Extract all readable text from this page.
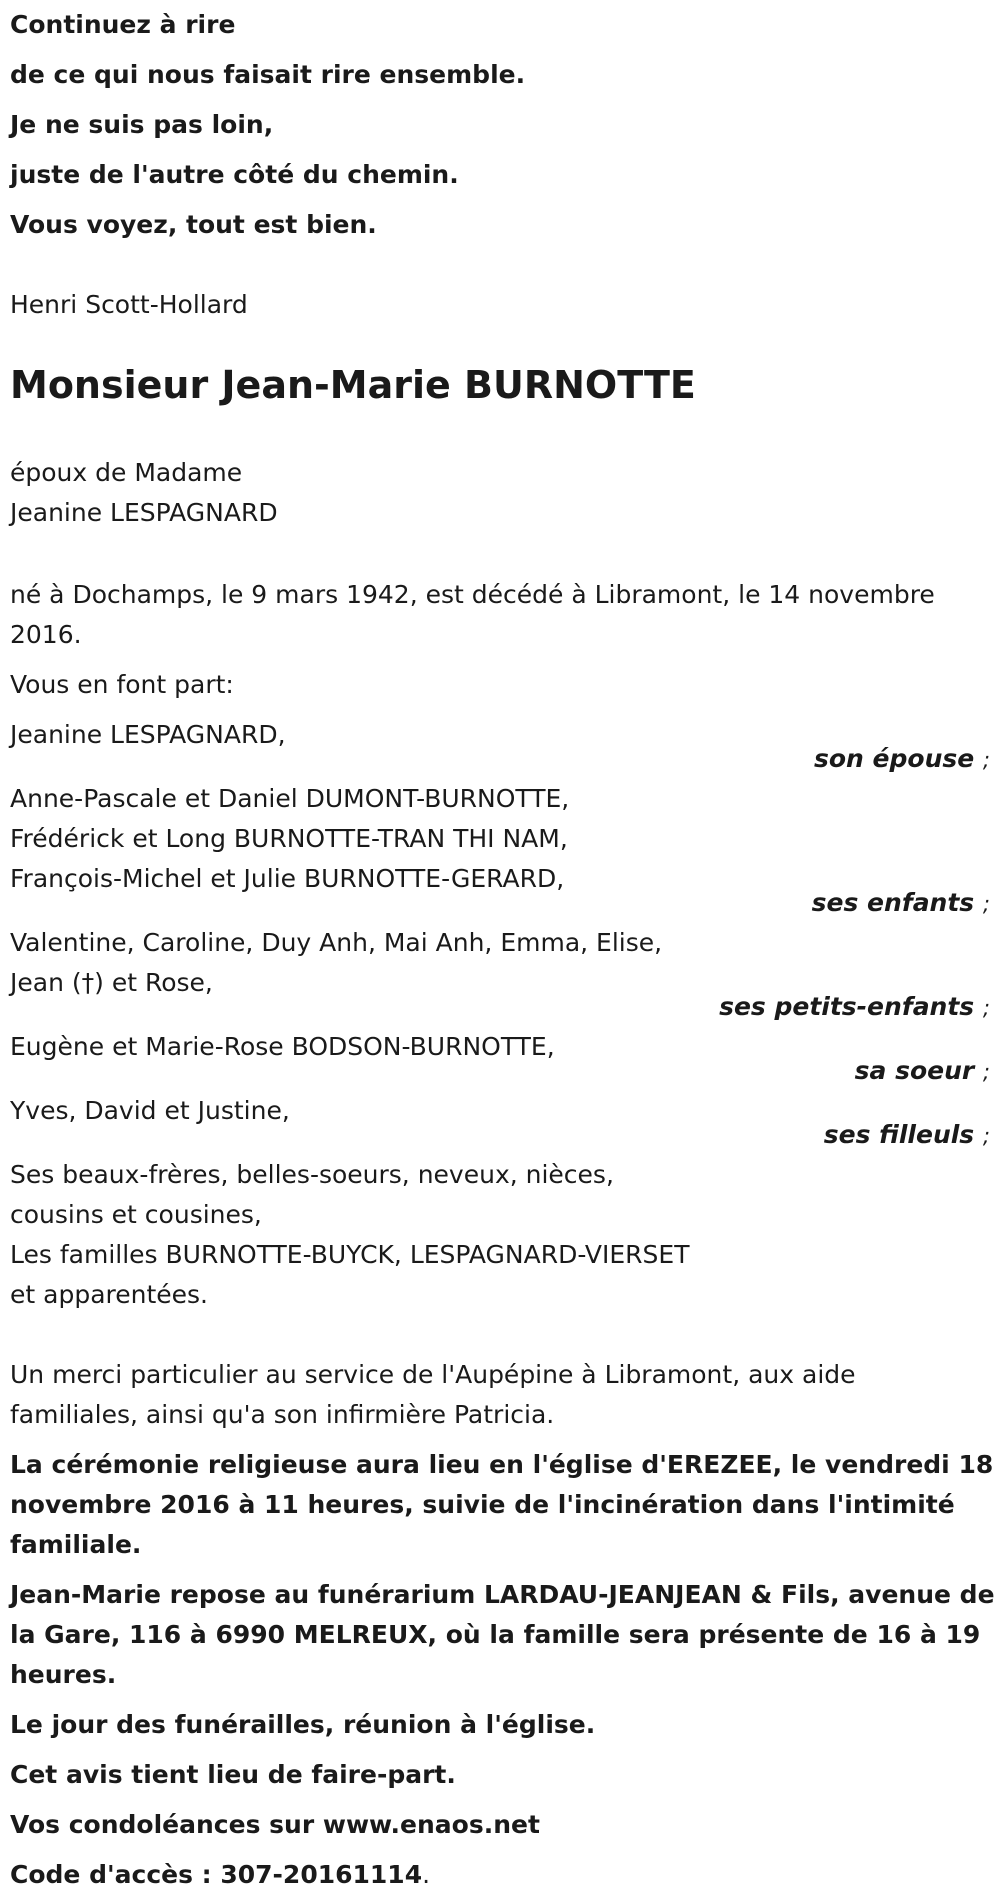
Continuez à rire
de ce qui nous faisait rire ensemble.
Je ne suis pas loin,
juste de l'autre côté du chemin.
Vous voyez, tout est bien.
Henri Scott-Hollard
Monsieur Jean-Marie BURNOTTE
époux de Madame
Jeanine LESPAGNARD
né à Dochamps, le 9 mars 1942, est décédé à Libramont, le 14 novembre
2016.
Vous en font part:
Jeanine LESPAGNARD,
son épouse ;
Anne-Pascale et Daniel DUMONT-BURNOTTE,
Frédérick et Long BURNOTTE-TRAN THI NAM,
François-Michel et Julie BURNOTTE-GERARD,
ses enfants ;
Valentine, Caroline, Duy Anh, Mai Anh, Emma, Elise,
Jean (†) et Rose,
ses petits-enfants ;
Eugène et Marie-Rose BODSON-BURNOTTE,
sa soeur ;
Yves, David et Justine,
ses filleuls ;
Ses beaux-frères, belles-soeurs, neveux, nièces,
cousins et cousines,
Les familles BURNOTTE-BUYCK, LESPAGNARD-VIERSET
et apparentées.
Un merci particulier au service de l'Aupépine à Libramont, aux aide
familiales, ainsi qu'a son infirmière Patricia.
La cérémonie religieuse aura lieu en l'église d'EREZEE, le vendredi 18
novembre 2016 à 11 heures, suivie de l'incinération dans l'intimité
familiale.
Jean-Marie repose au funérarium LARDAU-JEANJEAN & Fils, avenue de
la Gare, 116 à 6990 MELREUX, où la famille sera présente de 16 à 19
heures.
Le jour des funérailles, réunion à l'église.
Cet avis tient lieu de faire-part.
Vos condoléances sur www.enaos.net
Code d'accès : 307-20161114.
